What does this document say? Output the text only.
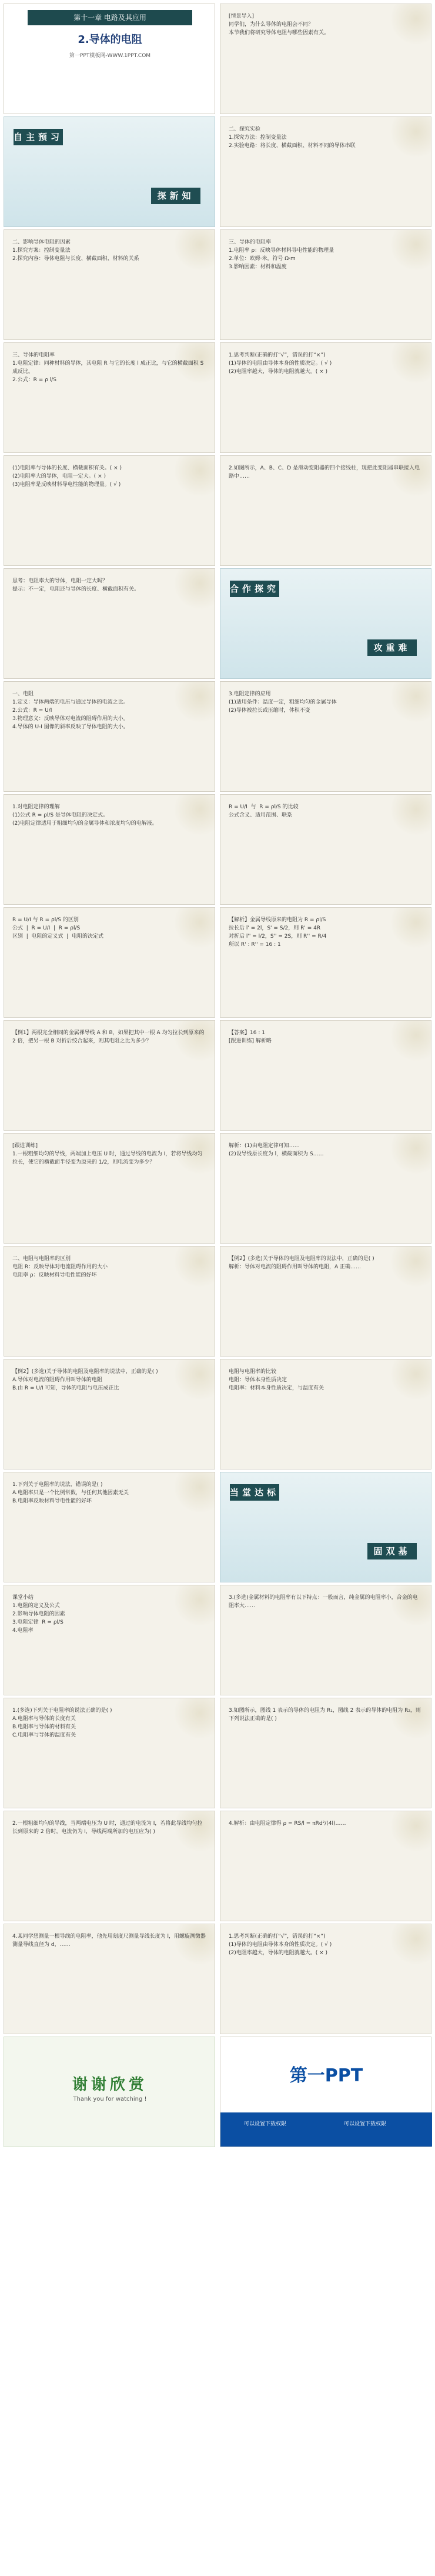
第十一章 电路及其应用
2.导体的电阻
第一PPT模板网-WWW.1PPT.COM
自主预习
探新知
二、影响导体电阻的因素
1.探究方案：控制变量法
2.探究内容：导体电阻与长度、横截面积、材料的关系
三、导体的电阻率
1.电阻定律：同种材料的导体，其电阻 R 与它的长度 l 成正比，与它的横截面积 S 成反比。
2.公式：R = ρ l/S
(1)电阻率与导体的长度、横截面积有关。( × )
(2)电阻率大的导体，电阻一定大。( × )
(3)电阻率是反映材料导电性能的物理量。( √ )
思考：电阻率大的导体，电阻一定大吗？
提示：不一定，电阻还与导体的长度、横截面积有关。
一、电阻
1.定义：导体两端的电压与通过导体的电流之比。
2.公式：R = U/I
3.物理意义：反映导体对电流的阻碍作用的大小。
4.导体的 U-I 图像的斜率反映了导体电阻的大小。
1.对电阻定律的理解
(1)公式 R = ρl/S 是导体电阻的决定式。
(2)电阻定律适用于粗细均匀的金属导体和浓度均匀的电解液。
R = U/I 与 R = ρl/S 的区别
公式  |  R = U/I  |  R = ρl/S
区别  |  电阻的定义式  |  电阻的决定式
【例1】两根完全相同的金属裸导线 A 和 B，如果把其中一根 A 均匀拉长到原来的 2 倍，把另一根 B 对折后绞合起来，则其电阻之比为多少？
[跟进训练]
1.一根粗细均匀的导线，两端加上电压 U 时，通过导线的电流为 I，若将导线均匀拉长，使它的横截面半径变为原来的 1/2，则电流变为多少？
二、电阻与电阻率的区别
电阻 R：反映导体对电流阻碍作用的大小
电阻率 ρ：反映材料导电性能的好坏
【例2】(多选)关于导体的电阻及电阻率的说法中，正确的是( )
A.导体对电流的阻碍作用叫导体的电阻
B.由 R = U/I 可知，导体的电阻与电压成正比
1.下列关于电阻率的说法，错误的是( )
A.电阻率只是一个比例常数，与任何其他因素无关
B.电阻率反映材料导电性能的好坏
课堂小结
1.电阻的定义及公式
2.影响导体电阻的因素
3.电阻定律  R = ρl/S
4.电阻率
1.(多选)下列关于电阻率的说法正确的是( )
A.电阻率与导体的长度有关
B.电阻率与导体的材料有关
C.电阻率与导体的温度有关
2.一根粗细均匀的导线，当两端电压为 U 时，通过的电流为 I，若将此导线均匀拉长到原来的 2 倍时，电流仍为 I，导线两端所加的电压应为( )
4.某同学想测量一根导线的电阻率，他先用刻度尺测量导线长度为 l，用螺旋测微器测量导线直径为 d，……
谢谢欣赏
Thank you for watching !
[情景导入]
同学们，为什么导体的电阻会不同？
本节我们将研究导体电阻与哪些因素有关。
二、探究实验
1.探究方法：控制变量法
2.实验电路：将长度、横截面积、材料不同的导体串联
三、导体的电阻率
1.电阻率 ρ：反映导体材料导电性能的物理量
2.单位：欧姆·米，符号 Ω·m
3.影响因素：材料和温度
1.思考判断(正确的打“√”，错误的打“×”)
(1)导体的电阻由导体本身的性质决定。( √ )
(2)电阻率越大，导体的电阻就越大。( × )
2.如图所示，A、B、C、D 是滑动变阻器的四个接线柱，现把此变阻器串联接入电路中……
合作探究
攻重难
3.电阻定律的应用
(1)适用条件：温度一定，粗细均匀的金属导体
(2)导体被拉长或压缩时，体积不变
R = U/I  与  R = ρl/S 的比较
公式含义、适用范围、联系
【解析】金属导线原来的电阻为 R = ρl/S
拉长后 l' = 2l，S' = S/2，则 R' = 4R
对折后 l'' = l/2，S'' = 2S，则 R'' = R/4
所以 R' : R'' = 16 : 1
【答案】16 : 1
[跟进训练] 解析略
解析：(1)由电阻定律可知……
(2)设导线原长度为 l，横截面积为 S……
【例2】(多选)关于导体的电阻及电阻率的说法中，正确的是( )
解析：导体对电流的阻碍作用叫导体的电阻，A 正确……
电阻与电阻率的比较
电阻：导体本身性质决定
电阻率：材料本身性质决定，与温度有关
当堂达标
固双基
3.(多选)金属材料的电阻率有以下特点：一般而言，纯金属的电阻率小，合金的电阻率大……
3.如图所示，图线 1 表示的导体的电阻为 R₁，图线 2 表示的导体的电阻为 R₂，则下列说法正确的是( )
4.解析：由电阻定律得 ρ = RS/l = πRd²/(4l)……
1.思考判断(正确的打“√”，错误的打“×”)
(1)导体的电阻由导体本身的性质决定。( √ )
(2)电阻率越大，导体的电阻就越大。( × )
第一PPT
可以设置下载权限	可以设置下载权限
